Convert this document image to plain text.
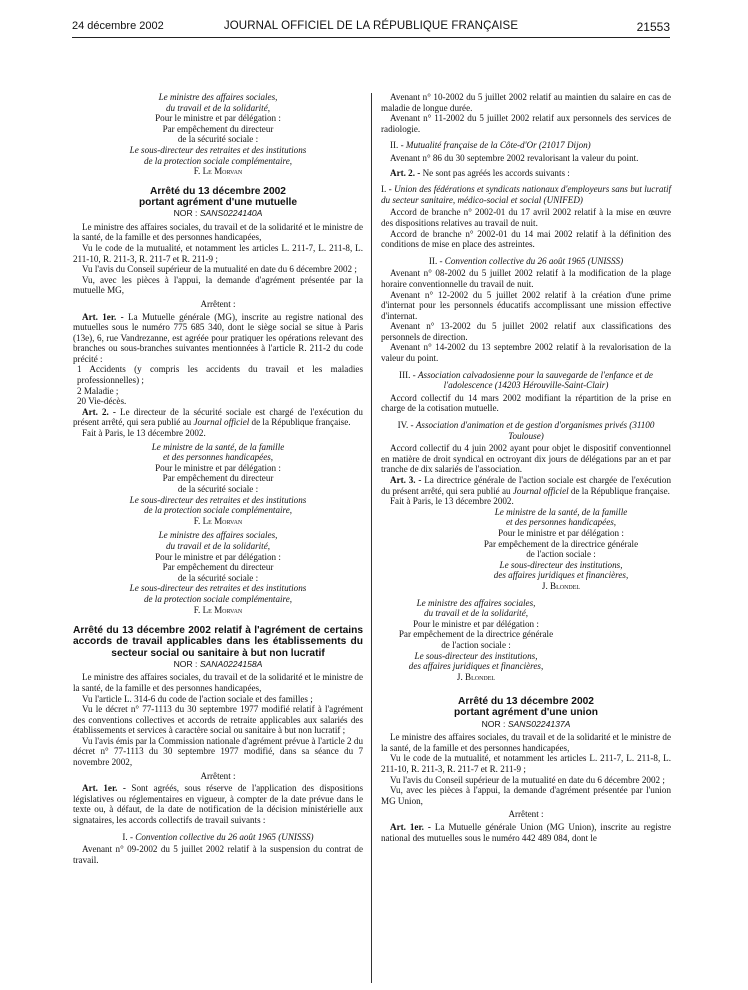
24 décembre 2002	JOURNAL OFFICIEL DE LA RÉPUBLIQUE FRANÇAISE	21553
Le ministre des affaires sociales,
du travail et de la solidarité,
Pour le ministre et par délégation :
Par empêchement du directeur
de la sécurité sociale :
Le sous-directeur des retraites et des institutions
de la protection sociale complémentaire,
F. Le Morvan
Arrêté du 13 décembre 2002
portant agrément d'une mutuelle
NOR : SANS0224140A

Le ministre des affaires sociales, du travail et de la solidarité et le ministre de la santé, de la famille et des personnes handicapées,

Vu le code de la mutualité, et notamment les articles L. 211-7, L. 211-8, L. 211-10, R. 211-3, R. 211-7 et R. 211-9 ;

Vu l'avis du Conseil supérieur de la mutualité en date du 6 décembre 2002 ;

Vu, avec les pièces à l'appui, la demande d'agrément présentée par la mutuelle MG,

Arrêtent :

Art. 1er. - La Mutuelle générale (MG), inscrite au registre national des mutuelles sous le numéro 775 685 340, dont le siège social se situe à Paris (13e), 6, rue Vandrezanne, est agréée pour pratiquer les opérations relevant des branches ou sous-branches suivantes mentionnées à l'article R. 211-2 du code précité :

1 Accidents (y compris les accidents du travail et les maladies professionnelles) ;

2 Maladie ;

20 Vie-décès.

Art. 2. - Le directeur de la sécurité sociale est chargé de l'exécution du présent arrêté, qui sera publié au Journal officiel de la République française.

Fait à Paris, le 13 décembre 2002.

Le ministre de la santé, de la famille
et des personnes handicapées,
Pour le ministre et par délégation :
Par empêchement du directeur
de la sécurité sociale :
Le sous-directeur des retraites et des institutions
de la protection sociale complémentaire,
F. Le Morvan
Le ministre des affaires sociales,
du travail et de la solidarité,
Pour le ministre et par délégation :
Par empêchement du directeur
de la sécurité sociale :
Le sous-directeur des retraites et des institutions
de la protection sociale complémentaire,
F. Le Morvan
Arrêté du 13 décembre 2002 relatif à l'agrément de certains accords de travail applicables dans les établissements du secteur social ou sanitaire à but non lucratif
NOR : SANA0224158A

Le ministre des affaires sociales, du travail et de la solidarité et le ministre de la santé, de la famille et des personnes handicapées,

Vu l'article L. 314-6 du code de l'action sociale et des familles ;

Vu le décret n° 77-1113 du 30 septembre 1977 modifié relatif à l'agrément des conventions collectives et accords de retraite applicables aux salariés des établissements et services à caractère social ou sanitaire à but non lucratif ;

Vu l'avis émis par la Commission nationale d'agrément prévue à l'article 2 du décret n° 77-1113 du 30 septembre 1977 modifié, dans sa séance du 7 novembre 2002,

Arrêtent :

Art. 1er. - Sont agréés, sous réserve de l'application des dispositions législatives ou réglementaires en vigueur, à compter de la date prévue dans le texte ou, à défaut, de la date de notification de la décision ministérielle aux signataires, les accords collectifs de travail suivants :

I. - Convention collective du 26 août 1965 (UNISSS)

Avenant n° 09-2002 du 5 juillet 2002 relatif à la suspension du contrat de travail.

Avenant n° 10-2002 du 5 juillet 2002 relatif au maintien du salaire en cas de maladie de longue durée.

Avenant n° 11-2002 du 5 juillet 2002 relatif aux personnels des services de radiologie.

II. - Mutualité française de la Côte-d'Or (21017 Dijon)

Avenant n° 86 du 30 septembre 2002 revalorisant la valeur du point.

Art. 2. - Ne sont pas agréés les accords suivants :

I. - Union des fédérations et syndicats nationaux d'employeurs sans but lucratif du secteur sanitaire, médico-social et social (UNIFED)

Accord de branche n° 2002-01 du 17 avril 2002 relatif à la mise en œuvre des dispositions relatives au travail de nuit.

Accord de branche n° 2002-01 du 14 mai 2002 relatif à la définition des conditions de mise en place des astreintes.

II. - Convention collective du 26 août 1965 (UNISSS)

Avenant n° 08-2002 du 5 juillet 2002 relatif à la modification de la plage horaire conventionnelle du travail de nuit.

Avenant n° 12-2002 du 5 juillet 2002 relatif à la création d'une prime d'internat pour les personnels éducatifs accomplissant une mission effective d'internat.

Avenant n° 13-2002 du 5 juillet 2002 relatif aux classifications des personnels de direction.

Avenant n° 14-2002 du 13 septembre 2002 relatif à la revalorisation de la valeur du point.

III. - Association calvadosienne pour la sauvegarde de l'enfance et de l'adolescence (14203 Hérouville-Saint-Clair)

Accord collectif du 14 mars 2002 modifiant la répartition de la prise en charge de la cotisation mutuelle.

IV. - Association d'animation et de gestion d'organismes privés (31100 Toulouse)

Accord collectif du 4 juin 2002 ayant pour objet le dispositif conventionnel en matière de droit syndical en octroyant dix jours de délégations par an et par tranche de dix salariés de l'association.

Art. 3. - La directrice générale de l'action sociale est chargée de l'exécution du présent arrêté, qui sera publié au Journal officiel de la République française.

Fait à Paris, le 13 décembre 2002.

Le ministre de la santé, de la famille
et des personnes handicapées,
Pour le ministre et par délégation :
Par empêchement de la directrice générale
de l'action sociale :
Le sous-directeur des institutions,
des affaires juridiques et financières,
J. Blondel
Le ministre des affaires sociales,
du travail et de la solidarité,
Pour le ministre et par délégation :
Par empêchement de la directrice générale
de l'action sociale :
Le sous-directeur des institutions,
des affaires juridiques et financières,
J. Blondel
Arrêté du 13 décembre 2002
portant agrément d'une union
NOR : SANS0224137A

Le ministre des affaires sociales, du travail et de la solidarité et le ministre de la santé, de la famille et des personnes handicapées,

Vu le code de la mutualité, et notamment les articles L. 211-7, L. 211-8, L. 211-10, R. 211-3, R. 211-7 et R. 211-9 ;

Vu l'avis du Conseil supérieur de la mutualité en date du 6 décembre 2002 ;

Vu, avec les pièces à l'appui, la demande d'agrément présentée par l'union MG Union,

Arrêtent :

Art. 1er. - La Mutuelle générale Union (MG Union), inscrite au registre national des mutuelles sous le numéro 442 489 084, dont le
